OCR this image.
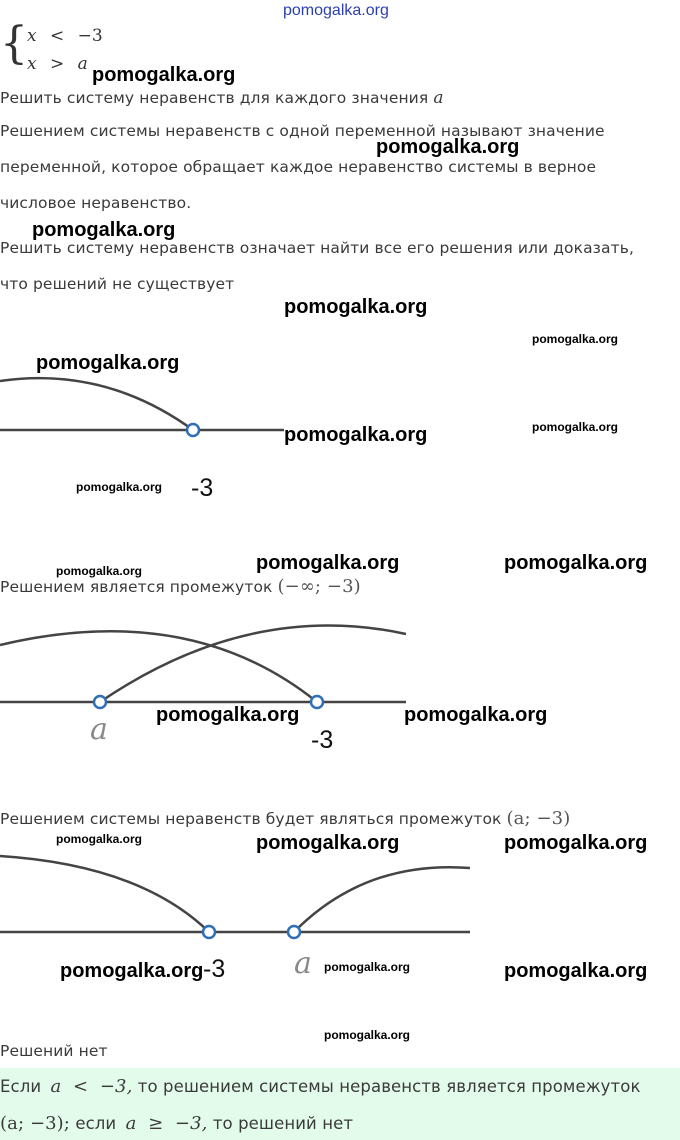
pomogalka.org
{ x < −3
x > a pomogalka.org
pomogalka.org
pomogalka.org
pomogalka.org
pomogalka.org
pomogalka.org
pomogalka.org	pomogalka.org
pomogalka.org	pomogalka.org
pomogalka.org	pomogalka.org
pomogalka.org	pomogalka.org
pomogalka.org
pomogalka.org
pomogalka.org
pomogalka.org
pomogalka.org
pomogalka.org
pomogalka.org
Решить систему неравенств для каждого значения a
Решением системы неравенств с одной переменной называют значение
переменной, которое обращает каждое неравенство системы в верное
числовое неравенство.
Решить систему неравенств означает найти все его решения или доказать,
что решений не существует
-3
Решением является промежуток (−∞; −3)
a	-3
Решением системы неравенств будет являться промежуток (a; −3)
-3 a
Решений нет
Если a  <  −3, то решением системы неравенств является промежуток
(a; −3); если a  ≥  −3, то решений нет
